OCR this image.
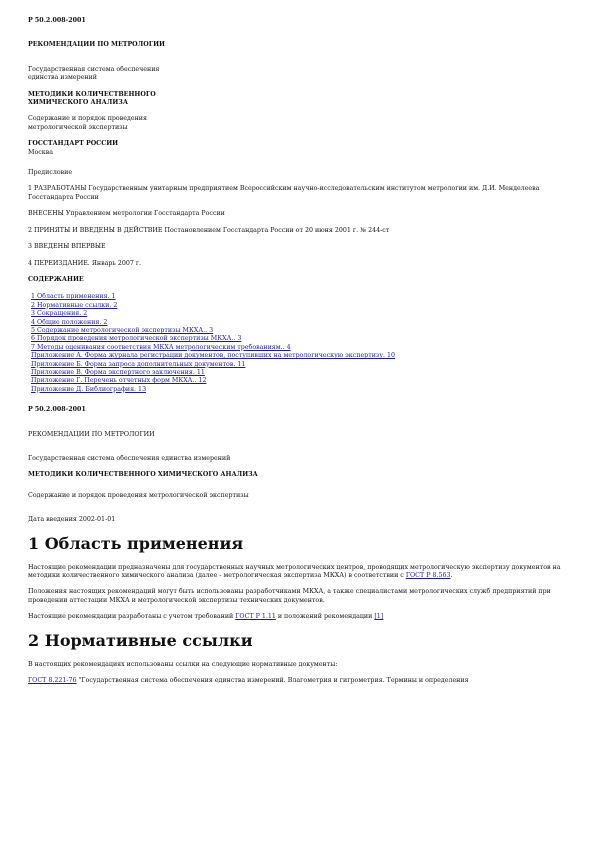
Р 50.2.008-2001

РЕКОМЕНДАЦИИ ПО МЕТРОЛОГИИ

Государственная система обеспечения

единства измерений

МЕТОДИКИ КОЛИЧЕСТВЕННОГО

ХИМИЧЕСКОГО АНАЛИЗА

Содержание и порядок проведения

метрологической экспертизы

ГОССТАНДАРТ РОССИИ

Москва

Предисловие

1 РАЗРАБОТАНЫ Государственным унитарным предприятием Всероссийским научно-исследовательским институтом метрологии им. Д.И. Менделеева Госстандарта России

ВНЕСЕНЫ Управлением метрологии Госстандарта России

2 ПРИНЯТЫ И ВВЕДЕНЫ В ДЕЙСТВИЕ Постановлением Госстандарта России от 20 июня 2001 г. № 244-ст

3 ВВЕДЕНЫ ВПЕРВЫЕ

4 ПЕРЕИЗДАНИЕ. Январь 2007 г.

СОДЕРЖАНИЕ

1 Область применения. 1
2 Нормативные ссылки. 2
3 Сокращения. 2
4 Общие положения. 2
5 Содержание метрологической экспертизы МКХА.. 3
6 Порядок проведения метрологической экспертизы МКХА.. 3
7 Методы оценивания соответствия МКХА метрологическим требованиям.. 4
Приложение А. Форма журнала регистрации документов, поступивших на метрологическую экспертизу. 10
Приложение Б. Форма запроса дополнительных документов. 11
Приложение В. Форма экспертного заключения. 11
Приложение Г. Перечень отчетных форм МКХА.. 12
Приложение Д. Библиография. 13

Р 50.2.008-2001

РЕКОМЕНДАЦИИ ПО МЕТРОЛОГИИ

Государственная система обеспечения единства измерений

МЕТОДИКИ КОЛИЧЕСТВЕННОГО ХИМИЧЕСКОГО АНАЛИЗА

Содержание и порядок проведения метрологической экспертизы

Дата введения 2002-01-01

1 Область применения

Настоящие рекомендации предназначены для государственных научных метрологических центров, проводящих метрологическую экспертизу документов на методики количественного химического анализа (далее - метрологическая экспертиза МКХА) в соответствии с ГОСТ Р 8.563.

Положения настоящих рекомендаций могут быть использованы разработчиками МКХА, а также специалистами метрологических служб предприятий при проведении аттестации МКХА и метрологической экспертизы технических документов.

Настоящие рекомендации разработаны с учетом требований ГОСТ Р 1.11 и положений рекомендации [1]

2 Нормативные ссылки

В настоящих рекомендациях использованы ссылки на следующие нормативные документы:

ГОСТ 8.221-76 "Государственная система обеспечения единства измерений. Влагометрия и гигрометрия. Термины и определения
